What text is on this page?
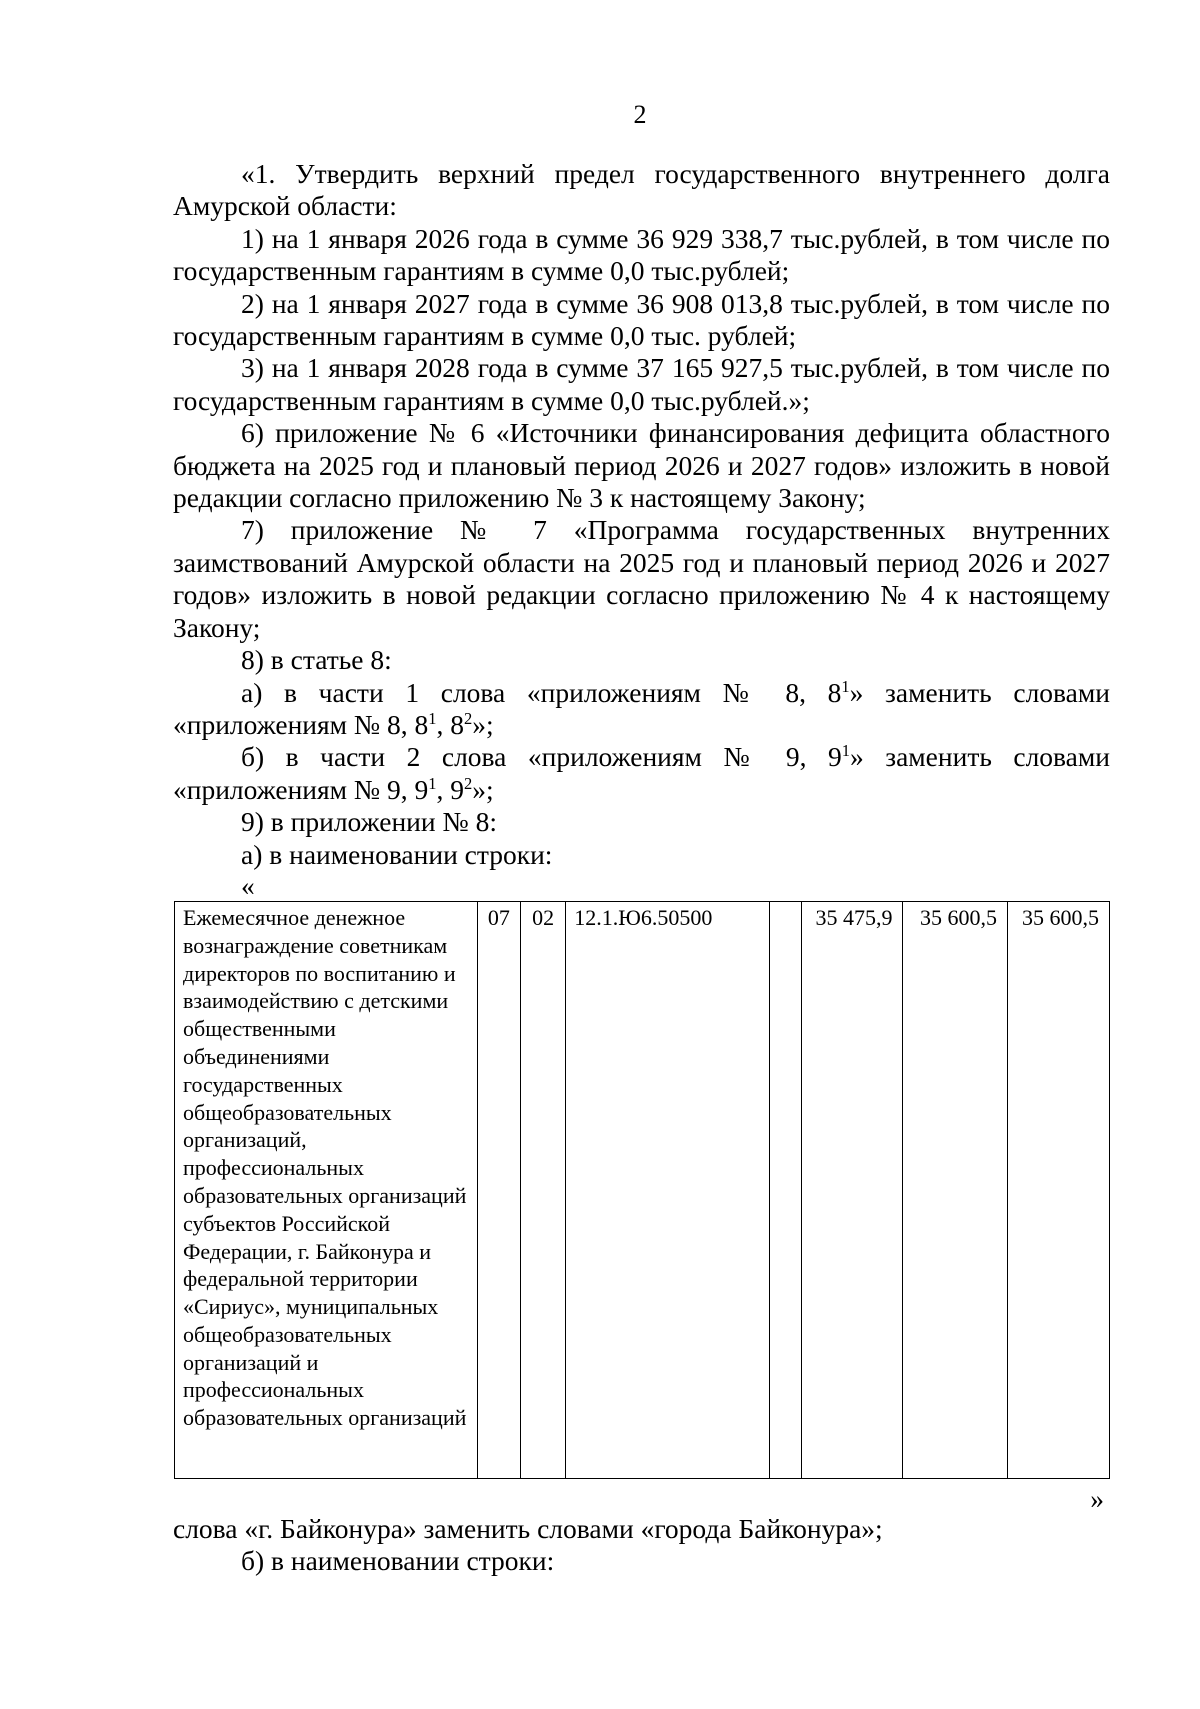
2

«1. Утвердить верхний предел государственного внутреннего долга Амурской области:

1) на 1 января 2026 года в сумме 36 929 338,7 тыс.рублей, в том числе по государственным гарантиям в сумме 0,0 тыс.рублей;

2) на 1 января 2027 года в сумме 36 908 013,8 тыс.рублей, в том числе по государственным гарантиям в сумме 0,0 тыс. рублей;

3) на 1 января 2028 года в сумме 37 165 927,5 тыс.рублей, в том числе по государственным гарантиям в сумме 0,0 тыс.рублей.»;

6) приложение № 6 «Источники финансирования дефицита областного бюджета на 2025 год и плановый период 2026 и 2027 годов» изложить в новой редакции согласно приложению № 3 к настоящему Закону;

7) приложение № 7 «Программа государственных внутренних заимствований Амурской области на 2025 год и плановый период 2026 и 2027 годов» изложить в новой редакции согласно приложению № 4 к настоящему Закону;

8) в статье 8:

а) в части 1 слова «приложениям № 8, $8^1$» заменить словами «приложениям № 8, $8^1$, $8^2$»;

б) в части 2 слова «приложениям № 9, $9^1$» заменить словами «приложениям № 9, $9^1$, $9^2$»;

9) в приложении № 8:

а) в наименовании строки:

«

Ежемесячное денежное вознаграждение советникам директоров по воспитанию и взаимодействию с детскими общественными объединениями государственных общеобразовательных организаций, профессиональных образовательных организаций субъектов Российской Федерации, г. Байконура и федеральной территории «Сириус», муниципальных общеобразовательных организаций и профессиональных образовательных организаций	07	02	12.1.Ю6.50500		35 475,9	35 600,5	35 600,5

»

слова «г. Байконура» заменить словами «города Байконура»;

б) в наименовании строки:
